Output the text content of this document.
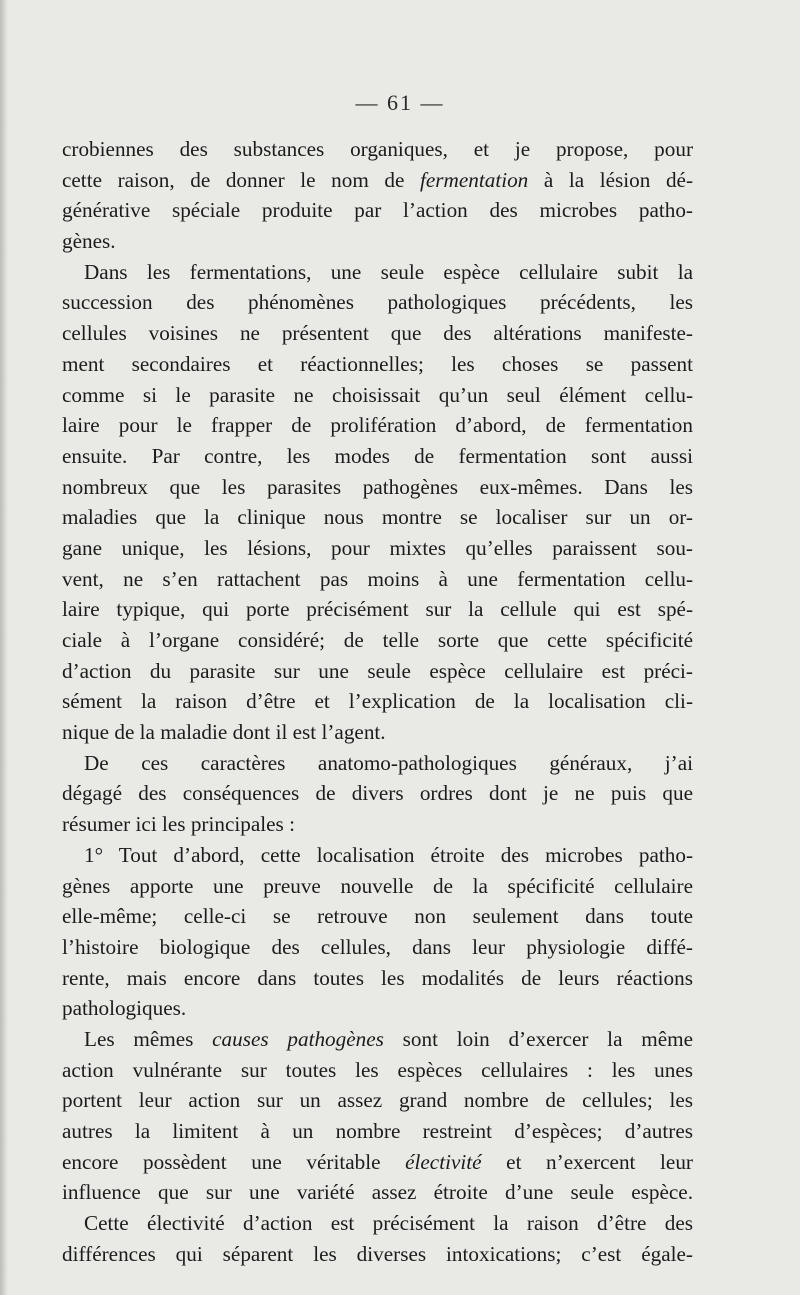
— 61 —
crobiennes des substances organiques, et je propose, pour
cette raison, de donner le nom de fermentation à la lésion dé-
générative spéciale produite par l’action des microbes patho-
gènes.
Dans les fermentations, une seule espèce cellulaire subit la
succession des phénomènes pathologiques précédents, les
cellules voisines ne présentent que des altérations manifeste-
ment secondaires et réactionnelles; les choses se passent
comme si le parasite ne choisissait qu’un seul élément cellu-
laire pour le frapper de prolifération d’abord, de fermentation
ensuite. Par contre, les modes de fermentation sont aussi
nombreux que les parasites pathogènes eux-mêmes. Dans les
maladies que la clinique nous montre se localiser sur un or-
gane unique, les lésions, pour mixtes qu’elles paraissent sou-
vent, ne s’en rattachent pas moins à une fermentation cellu-
laire typique, qui porte précisément sur la cellule qui est spé-
ciale à l’organe considéré; de telle sorte que cette spécificité
d’action du parasite sur une seule espèce cellulaire est préci-
sément la raison d’être et l’explication de la localisation cli-
nique de la maladie dont il est l’agent.
De ces caractères anatomo-pathologiques généraux, j’ai
dégagé des conséquences de divers ordres dont je ne puis que
résumer ici les principales :
1° Tout d’abord, cette localisation étroite des microbes patho-
gènes apporte une preuve nouvelle de la spécificité cellulaire
elle-même; celle-ci se retrouve non seulement dans toute
l’histoire biologique des cellules, dans leur physiologie diffé-
rente, mais encore dans toutes les modalités de leurs réactions
pathologiques.
Les mêmes causes pathogènes sont loin d’exercer la même
action vulnérante sur toutes les espèces cellulaires : les unes
portent leur action sur un assez grand nombre de cellules; les
autres la limitent à un nombre restreint d’espèces; d’autres
encore possèdent une véritable électivité et n’exercent leur
influence que sur une variété assez étroite d’une seule espèce.
Cette électivité d’action est précisément la raison d’être des
différences qui séparent les diverses intoxications; c’est égale-
